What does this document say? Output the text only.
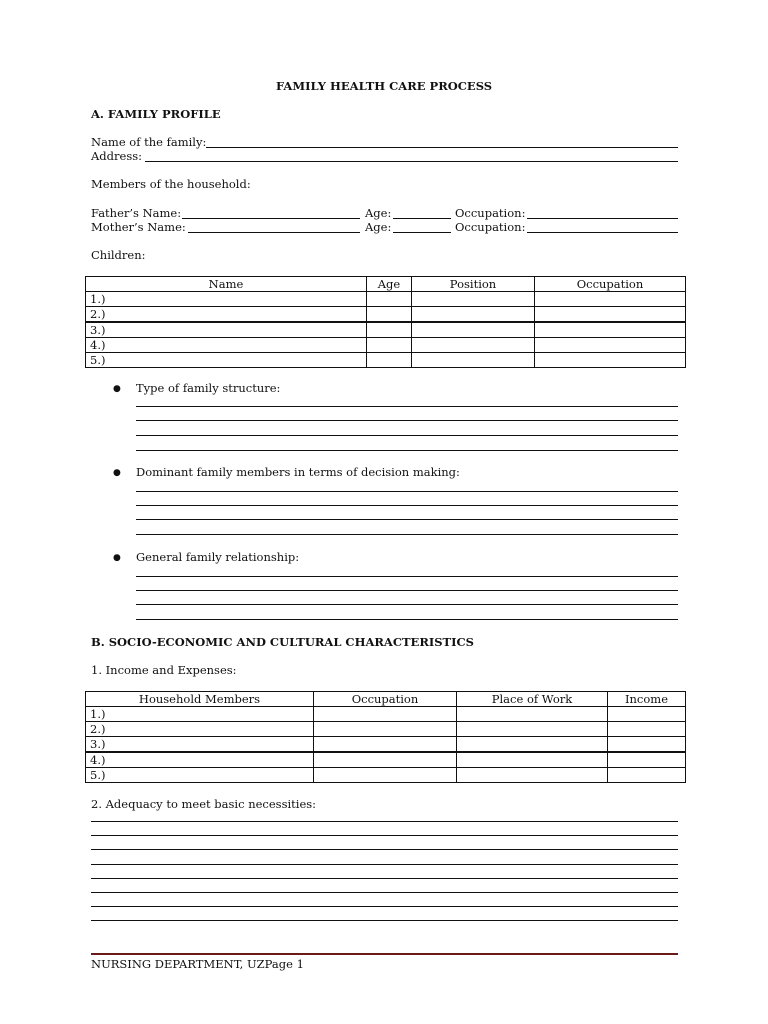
FAMILY HEALTH CARE PROCESS
A. FAMILY PROFILE
Name of the family:
Address:
Members of the household:
Father’s Name:	Age:	Occupation:
Mother’s Name:	Age:	Occupation:
Children:
Name	Age	Position	Occupation
1.)			
2.)			
3.)			
4.)			
5.)			
● Type of family structure:
● Dominant family members in terms of decision making:
● General family relationship:
B. SOCIO-ECONOMIC AND CULTURAL CHARACTERISTICS
1. Income and Expenses:
Household Members	Occupation	Place of Work	Income
1.)			
2.)			
3.)			
4.)			
5.)			
2. Adequacy to meet basic necessities:
NURSING DEPARTMENT, UZPage 1
